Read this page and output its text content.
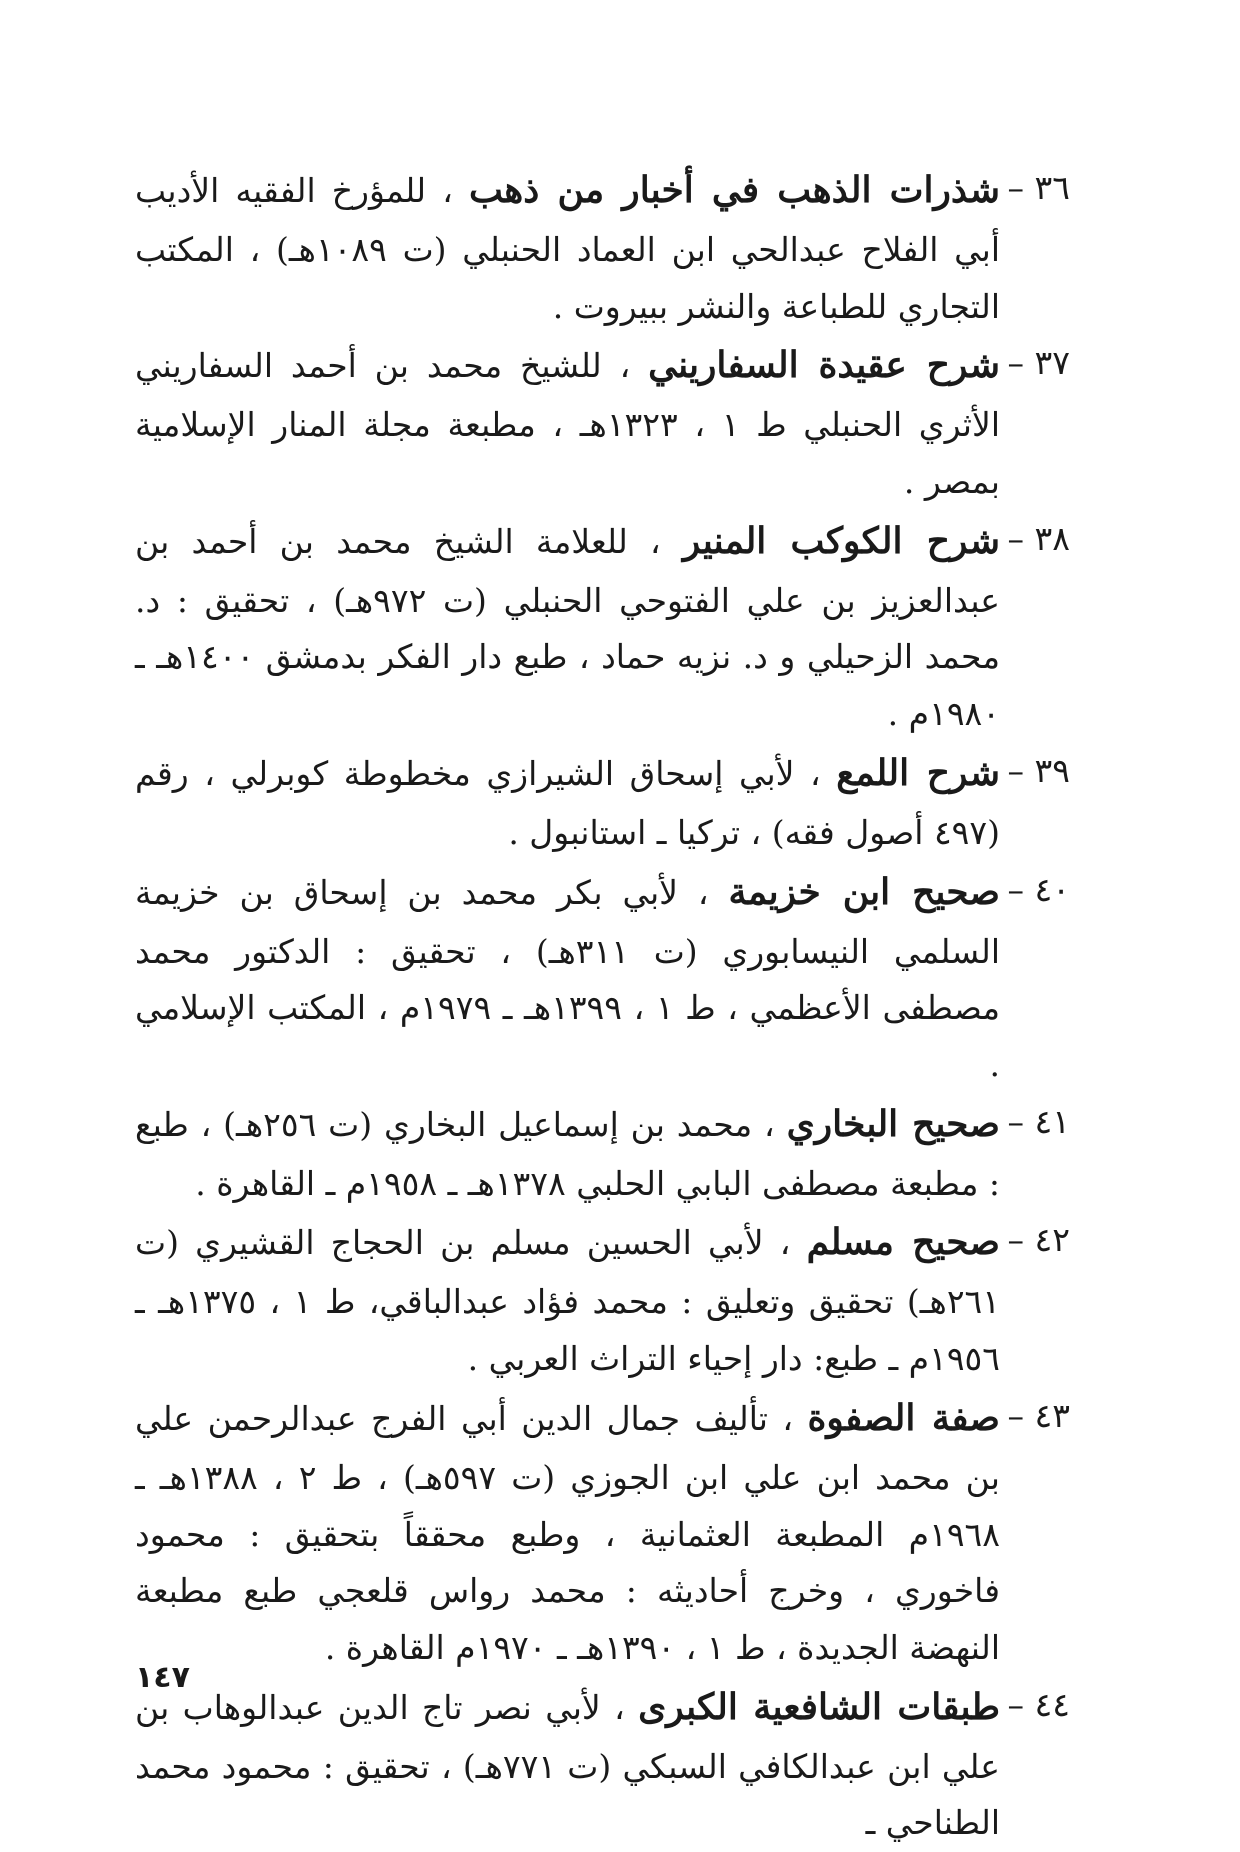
٣٦ –
شذرات الذهب في أخبار من ذهب ، للمؤرخ الفقيه الأديب أبي الفلاح عبدالحي ابن العماد الحنبلي (ت ١٠٨٩هـ) ، المكتب التجاري للطباعة والنشر ببيروت .
٣٧ –
شرح عقيدة السفاريني ، للشيخ محمد بن أحمد السفاريني الأثري الحنبلي ط ١ ، ١٣٢٣هـ ، مطبعة مجلة المنار الإسلامية بمصر .
٣٨ –
شرح الكوكب المنير ، للعلامة الشيخ محمد بن أحمد بن عبدالعزيز بن علي الفتوحي الحنبلي (ت ٩٧٢هـ) ، تحقيق : د. محمد الزحيلي و د. نزيه حماد ، طبع دار الفكر بدمشق ١٤٠٠هـ ـ ١٩٨٠م .
٣٩ –
شرح اللمع ، لأبي إسحاق الشيرازي مخطوطة كوبرلي ، رقم (٤٩٧ أصول فقه) ، تركيا ـ استانبول .
٤٠ –
صحيح ابن خزيمة ، لأبي بكر محمد بن إسحاق بن خزيمة السلمي النيسابوري (ت ٣١١هـ) ، تحقيق : الدكتور محمد مصطفى الأعظمي ، ط ١ ، ١٣٩٩هـ ـ ١٩٧٩م ، المكتب الإسلامي .
٤١ –
صحيح البخاري ، محمد بن إسماعيل البخاري (ت ٢٥٦هـ) ، طبع : مطبعة مصطفى البابي الحلبي ١٣٧٨هـ ـ ١٩٥٨م ـ القاهرة .
٤٢ –
صحيح مسلم ، لأبي الحسين مسلم بن الحجاج القشيري (ت ٢٦١هـ) تحقيق وتعليق : محمد فؤاد عبدالباقي، ط ١ ، ١٣٧٥هـ ـ ١٩٥٦م ـ طبع: دار إحياء التراث العربي .
٤٣ –
صفة الصفوة ، تأليف جمال الدين أبي الفرج عبدالرحمن علي بن محمد ابن علي ابن الجوزي (ت ٥٩٧هـ) ، ط ٢ ، ١٣٨٨هـ ـ ١٩٦٨م المطبعة العثمانية ، وطبع محققاً بتحقيق : محمود فاخوري ، وخرج أحاديثه : محمد رواس قلعجي طبع مطبعة النهضة الجديدة ، ط ١ ، ١٣٩٠هـ ـ ١٩٧٠م القاهرة .
٤٤ –
طبقات الشافعية الكبرى ، لأبي نصر تاج الدين عبدالوهاب بن علي ابن عبدالكافي السبكي (ت ٧٧١هـ) ، تحقيق : محمود محمد الطناحي ـ
١٤٧
